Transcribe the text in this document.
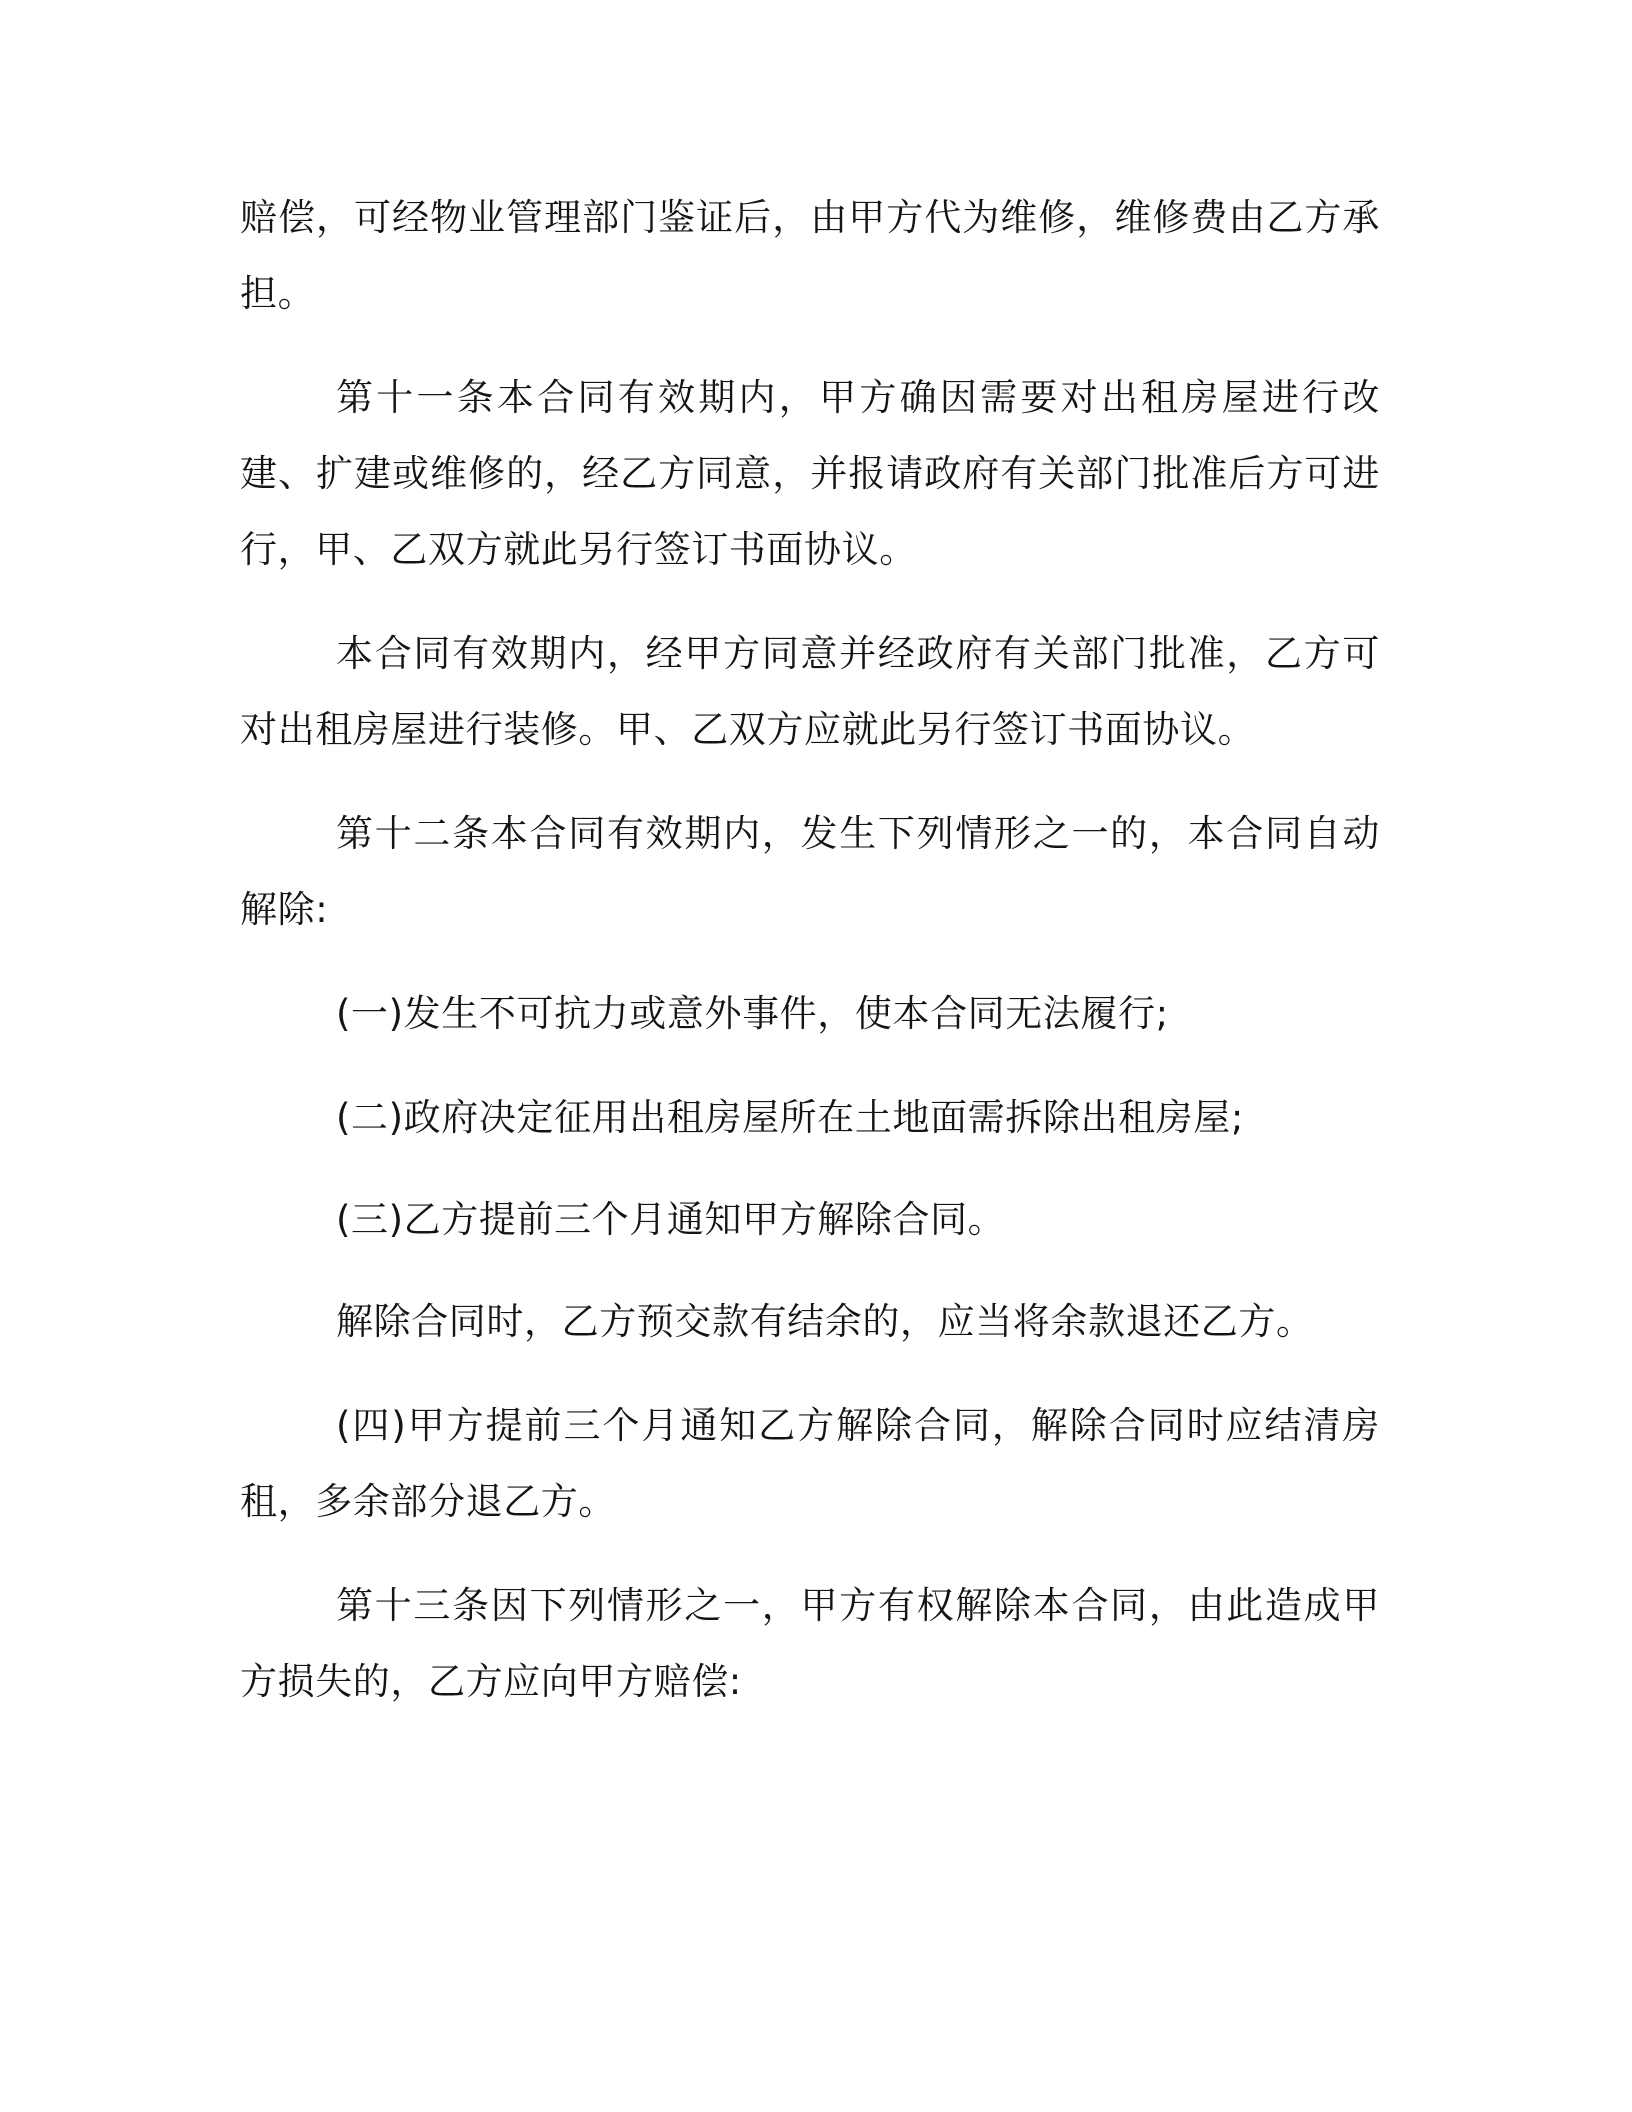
赔偿，可经物业管理部门鉴证后，由甲方代为维修，维修费由乙方承担。

第十一条本合同有效期内，甲方确因需要对出租房屋进行改建、扩建或维修的，经乙方同意，并报请政府有关部门批准后方可进行，甲、乙双方就此另行签订书面协议。

本合同有效期内，经甲方同意并经政府有关部门批准，乙方可对出租房屋进行装修。甲、乙双方应就此另行签订书面协议。

第十二条本合同有效期内，发生下列情形之一的，本合同自动解除:

(一)发生不可抗力或意外事件，使本合同无法履行;

(二)政府决定征用出租房屋所在土地面需拆除出租房屋;

(三)乙方提前三个月通知甲方解除合同。

解除合同时，乙方预交款有结余的，应当将余款退还乙方。

(四)甲方提前三个月通知乙方解除合同，解除合同时应结清房租，多余部分退乙方。

第十三条因下列情形之一，甲方有权解除本合同，由此造成甲方损失的，乙方应向甲方赔偿:
